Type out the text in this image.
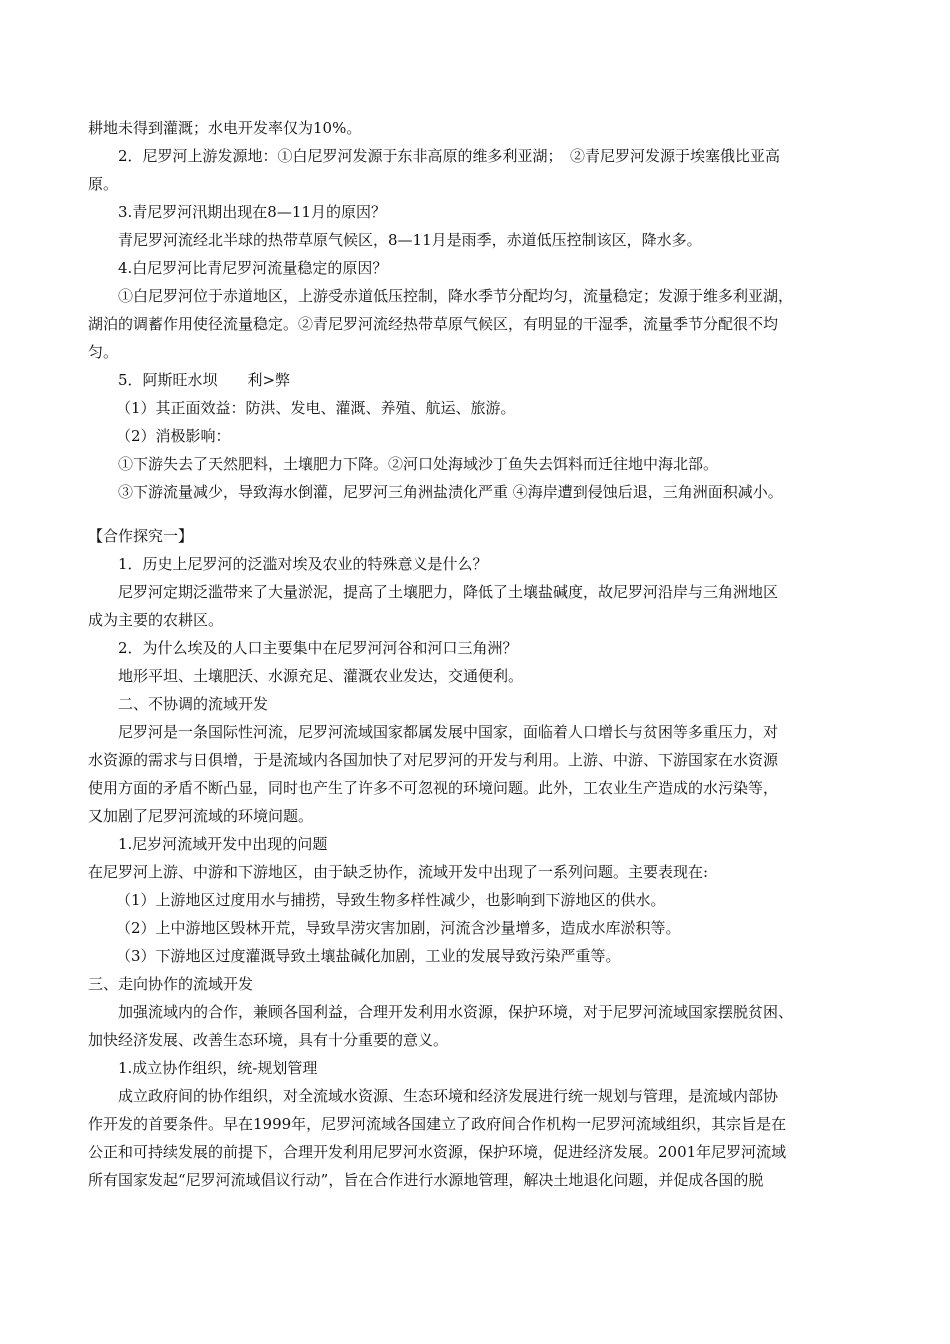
耕地未得到灌溉；水电开发率仅为10%。
2．尼罗河上游发源地：①白尼罗河发源于东非高原的维多利亚湖；　②青尼罗河发源于埃塞俄比亚高
原。
3.青尼罗河汛期出现在8—11月的原因？
青尼罗河流经北半球的热带草原气候区，8—11月是雨季，赤道低压控制该区，降水多。
4.白尼罗河比青尼罗河流量稳定的原因？
①白尼罗河位于赤道地区，上游受赤道低压控制，降水季节分配均匀，流量稳定；发源于维多利亚湖，
湖泊的调蓄作用使径流量稳定。②青尼罗河流经热带草原气候区，有明显的干湿季，流量季节分配很不均
匀。
5．阿斯旺水坝　　利>弊
（1）其正面效益：防洪、发电、灌溉、养殖、航运、旅游。
（2）消极影响：
①下游失去了天然肥料，土壤肥力下降。②河口处海域沙丁鱼失去饵料而迁往地中海北部。
③下游流量减少，导致海水倒灌，尼罗河三角洲盐渍化严重 ④海岸遭到侵蚀后退，三角洲面积减小。
【合作探究一】
1．历史上尼罗河的泛滥对埃及农业的特殊意义是什么？
尼罗河定期泛滥带来了大量淤泥，提高了土壤肥力，降低了土壤盐碱度，故尼罗河沿岸与三角洲地区
成为主要的农耕区。
2．为什么埃及的人口主要集中在尼罗河河谷和河口三角洲？
地形平坦、土壤肥沃、水源充足、灌溉农业发达，交通便利。
二、不协调的流域开发
尼罗河是一条国际性河流，尼罗河流域国家都属发展中国家，面临着人口增长与贫困等多重压力，对
水资源的需求与日俱增，于是流域内各国加快了对尼罗河的开发与利用。上游、中游、下游国家在水资源
使用方面的矛盾不断凸显，同时也产生了许多不可忽视的环境问题。此外，工农业生产造成的水污染等，
又加剧了尼罗河流域的环境问题。
1.尼岁河流域开发中出现的问题
在尼罗河上游、中游和下游地区，由于缺乏协作，流域开发中出现了一系列问题。主要表现在:
（1）上游地区过度用水与捕捞，导致生物多样性减少，也影响到下游地区的供水。
（2）上中游地区毁林开荒，导致旱涝灾害加剧，河流含沙量增多，造成水库淤积等。
（3）下游地区过度灌溉导致土壤盐碱化加剧，工业的发展导致污染严重等。
三、走向协作的流域开发
加强流域内的合作，兼顾各国利益，合理开发利用水资源，保护环境，对于尼罗河流域国家摆脱贫困、
加快经济发展、改善生态环境，具有十分重要的意义。
1.成立协作组织，统-规划管理
成立政府间的协作组织，对全流域水资源、生态环境和经济发展进行统一规划与管理，是流域内部协
作开发的首要条件。早在1999年，尼罗河流域各国建立了政府间合作机构一尼罗河流域组织，其宗旨是在
公正和可持续发展的前提下，合理开发利用尼罗河水资源，保护环境，促进经济发展。2001年尼罗河流域
所有国家发起“尼罗河流域倡议行动”，旨在合作进行水源地管理，解决土地退化问题，并促成各国的脱
